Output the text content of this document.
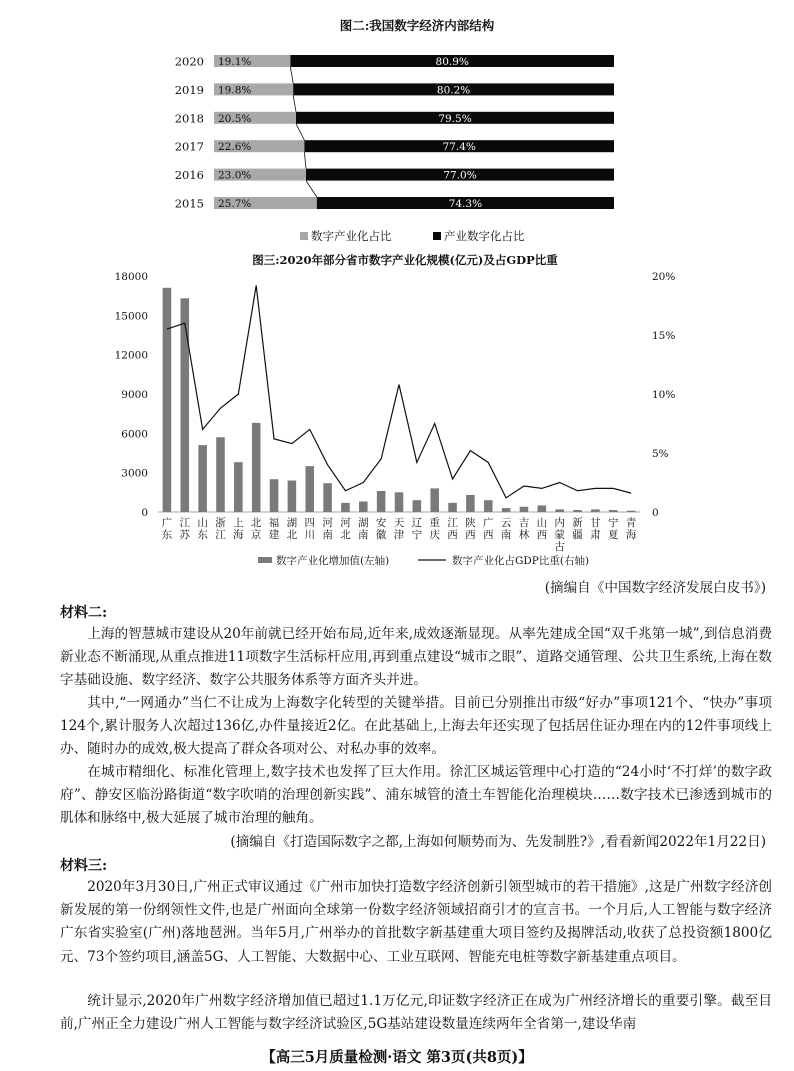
图二:我国数字经济内部结构
2020 19.1%	80.9%
2019 19.8%	80.2%
2018 20.5%	79.5%
2017 22.6%	77.4%
2016 23.0%	77.0%
2015 25.7%	74.3%
数字产业化占比	产业数字化占比
图三:2020年部分省市数字产业化规模(亿元)及占GDP比重
0
3000
6000
9000
12000
15000
18000
0
5%
10%
15%
20%
广东
江苏
山东
浙江
上海
北京
福建
湖北
四川
河南
河北
湖南
安徽
天津
辽宁
重庆
江西
陕西
广西
云南
吉林
山西
内蒙古
新疆
甘肃
宁夏
青海
数字产业化增加值(左轴)	数字产业化占GDP比重(右轴)

(摘编自《中国数字经济发展白皮书》)

材料二:

上海的智慧城市建设从20年前就已经开始布局,近年来,成效逐渐显现。从率先建成全国“双千兆第一城”,到信息消费新业态不断涌现,从重点推进11项数字生活标杆应用,再到重点建设“城市之眼”、道路交通管理、公共卫生系统,上海在数字基础设施、数字经济、数字公共服务体系等方面齐头并进。

其中,“一网通办”当仁不让成为上海数字化转型的关键举措。目前已分别推出市级“好办”事项121个、“快办”事项124个,累计服务人次超过136亿,办件量接近2亿。在此基础上,上海去年还实现了包括居住证办理在内的12件事项线上办、随时办的成效,极大提高了群众各项对公、对私办事的效率。

在城市精细化、标准化管理上,数字技术也发挥了巨大作用。徐汇区城运管理中心打造的“24小时‘不打烊’的数字政府”、静安区临汾路街道“数字吹哨的治理创新实践”、浦东城管的渣土车智能化治理模块……数字技术已渗透到城市的肌体和脉络中,极大延展了城市治理的触角。

(摘编自《打造国际数字之都,上海如何顺势而为、先发制胜?》,看看新闻2022年1月22日)

材料三:

2020年3月30日,广州正式审议通过《广州市加快打造数字经济创新引领型城市的若干措施》,这是广州数字经济创新发展的第一份纲领性文件,也是广州面向全球第一份数字经济领域招商引才的宣言书。一个月后,人工智能与数字经济广东省实验室(广州)落地琶洲。当年5月,广州举办的首批数字新基建重大项目签约及揭牌活动,收获了总投资额1800亿元、73个签约项目,涵盖5G、人工智能、大数据中心、工业互联网、智能充电桩等数字新基建重点项目。

统计显示,2020年广州数字经济增加值已超过1.1万亿元,印证数字经济正在成为广州经济增长的重要引擎。截至目前,广州正全力建设广州人工智能与数字经济试验区,5G基站建设数量连续两年全省第一,建设华南

【高三5月质量检测·语文 第3页(共8页)】
